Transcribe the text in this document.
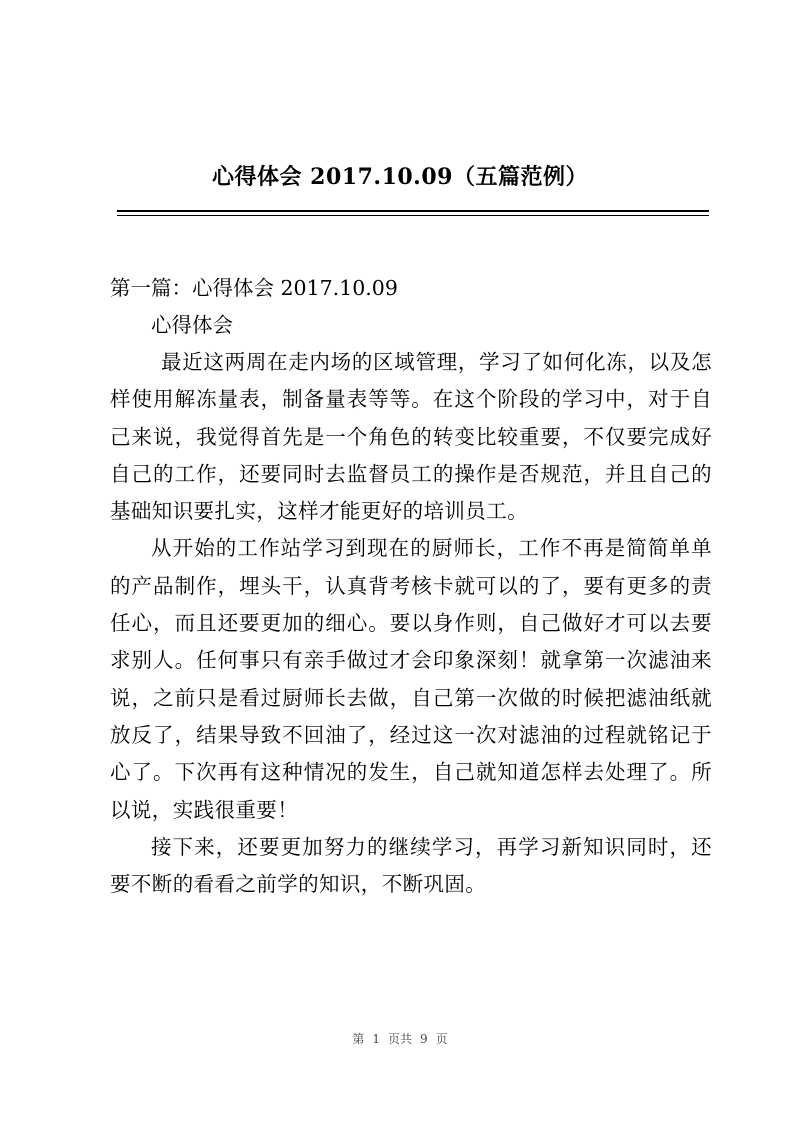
心得体会 2017.10.09（五篇范例）

第一篇：心得体会 2017.10.09

心得体会

最近这两周在走内场的区域管理，学习了如何化冻，以及怎样使用解冻量表，制备量表等等。在这个阶段的学习中，对于自己来说，我觉得首先是一个角色的转变比较重要，不仅要完成好自己的工作，还要同时去监督员工的操作是否规范，并且自己的基础知识要扎实，这样才能更好的培训员工。

从开始的工作站学习到现在的厨师长，工作不再是简简单单的产品制作，埋头干，认真背考核卡就可以的了，要有更多的责任心，而且还要更加的细心。要以身作则，自己做好才可以去要求别人。任何事只有亲手做过才会印象深刻！就拿第一次滤油来说，之前只是看过厨师长去做，自己第一次做的时候把滤油纸就放反了，结果导致不回油了，经过这一次对滤油的过程就铭记于心了。下次再有这种情况的发生，自己就知道怎样去处理了。所以说，实践很重要！

接下来，还要更加努力的继续学习，再学习新知识同时，还要不断的看看之前学的知识，不断巩固。

第 1 页共 9 页
